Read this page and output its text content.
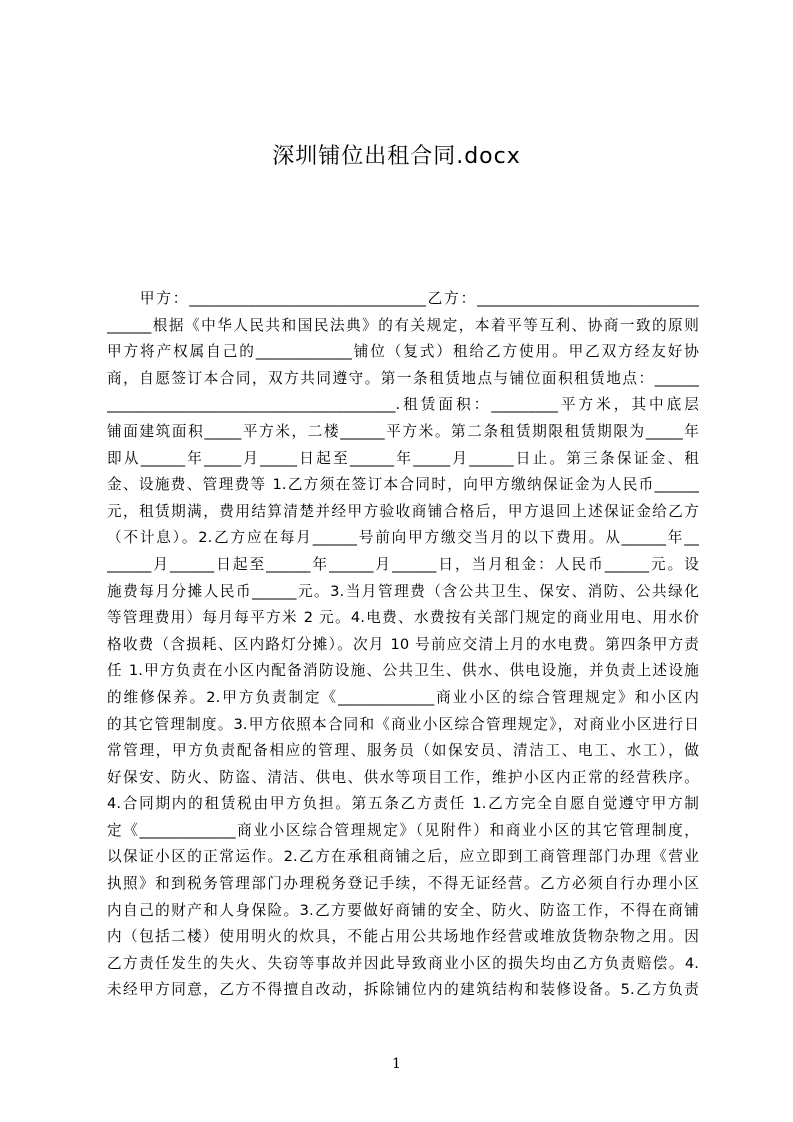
深圳铺位出租合同.docx
　　甲方：________________________________乙方：______________________________
______根据《中华人民共和国民法典》的有关规定，本着平等互利、协商一致的原则
甲方将产权属自己的_____________铺位（复式）租给乙方使用。甲乙双方经友好协
商，自愿签订本合同，双方共同遵守。第一条租赁地点与铺位面积租赁地点：______
_______________________________________.租赁面积：_________平方米，其中底层
铺面建筑面积_____平方米，二楼______平方米。第二条租赁期限租赁期限为_____年
即从______年_____月_____日起至______年_____月______日止。第三条保证金、租
金、设施费、管理费等 1.乙方须在签订本合同时，向甲方缴纳保证金为人民币______
元，租赁期满，费用结算清楚并经甲方验收商铺合格后，甲方退回上述保证金给乙方
（不计息）。2.乙方应在每月______号前向甲方缴交当月的以下费用。从______年__
______月______日起至______年______月______日，当月租金：人民币______元。设
施费每月分摊人民币______元。3.当月管理费（含公共卫生、保安、消防、公共绿化
等管理费用）每月每平方米 2 元。4.电费、水费按有关部门规定的商业用电、用水价
格收费（含损耗、区内路灯分摊）。次月 10 号前应交清上月的水电费。第四条甲方责
任 1.甲方负责在小区内配备消防设施、公共卫生、供水、供电设施，并负责上述设施
的维修保养。2.甲方负责制定《_____________商业小区的综合管理规定》和小区内
的其它管理制度。3.甲方依照本合同和《商业小区综合管理规定》，对商业小区进行日
常管理，甲方负责配备相应的管理、服务员（如保安员、清洁工、电工、水工），做
好保安、防火、防盗、清洁、供电、供水等项目工作，维护小区内正常的经营秩序。
4.合同期内的租赁税由甲方负担。第五条乙方责任 1.乙方完全自愿自觉遵守甲方制
定《_____________商业小区综合管理规定》（见附件）和商业小区的其它管理制度，
以保证小区的正常运作。2.乙方在承租商铺之后，应立即到工商管理部门办理《营业
执照》和到税务管理部门办理税务登记手续，不得无证经营。乙方必须自行办理小区
内自己的财产和人身保险。3.乙方要做好商铺的安全、防火、防盗工作，不得在商铺
内（包括二楼）使用明火的炊具，不能占用公共场地作经营或堆放货物杂物之用。因
乙方责任发生的失火、失窃等事故并因此导致商业小区的损失均由乙方负责赔偿。4.
未经甲方同意，乙方不得擅自改动，拆除铺位内的建筑结构和装修设备。5.乙方负责
1
